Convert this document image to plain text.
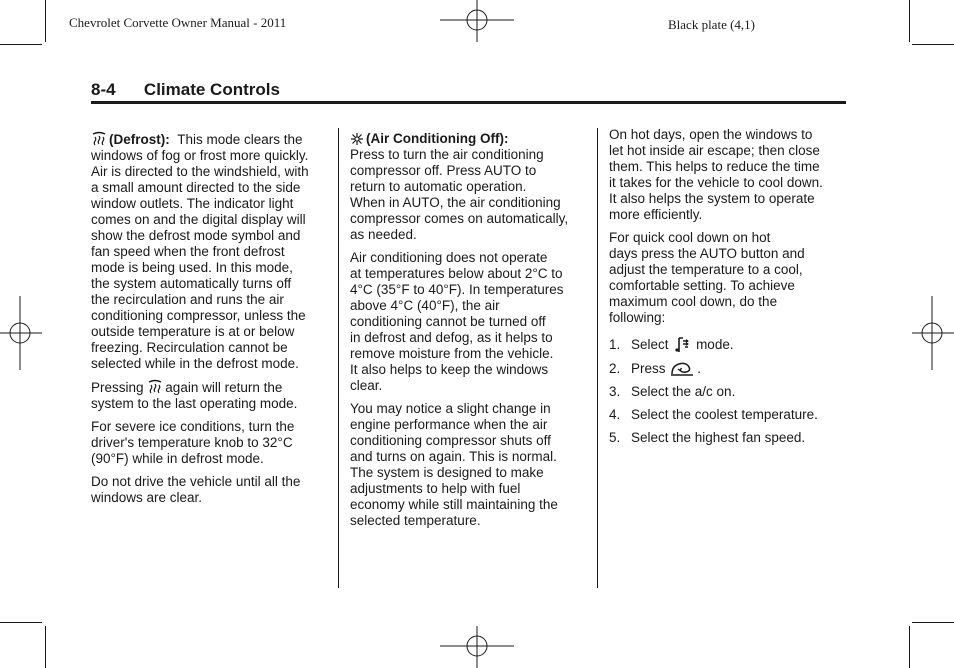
Chevrolet Corvette Owner Manual - 2011	Black plate (4,1)
8-4 Climate Controls

(Defrost): This mode clears the
windows of fog or frost more quickly.
Air is directed to the windshield, with
a small amount directed to the side
window outlets. The indicator light
comes on and the digital display will
show the defrost mode symbol and
fan speed when the front defrost
mode is being used. In this mode,
the system automatically turns off
the recirculation and runs the air
conditioning compressor, unless the
outside temperature is at or below
freezing. Recirculation cannot be
selected while in the defrost mode.

Pressing again will return the
system to the last operating mode.

For severe ice conditions, turn the
driver's temperature knob to 32°C
(90°F) while in defrost mode.

Do not drive the vehicle until all the
windows are clear.

(Air Conditioning Off):
Press to turn the air conditioning
compressor off. Press AUTO to
return to automatic operation.
When in AUTO, the air conditioning
compressor comes on automatically,
as needed.

Air conditioning does not operate
at temperatures below about 2°C to
4°C (35°F to 40°F). In temperatures
above 4°C (40°F), the air
conditioning cannot be turned off
in defrost and defog, as it helps to
remove moisture from the vehicle.
It also helps to keep the windows
clear.

You may notice a slight change in
engine performance when the air
conditioning compressor shuts off
and turns on again. This is normal.
The system is designed to make
adjustments to help with fuel
economy while still maintaining the
selected temperature.

On hot days, open the windows to
let hot inside air escape; then close
them. This helps to reduce the time
it takes for the vehicle to cool down.
It also helps the system to operate
more efficiently.

For quick cool down on hot
days press the AUTO button and
adjust the temperature to a cool,
comfortable setting. To achieve
maximum cool down, do the
following:

1. Select

mode.
2. Press
.
3. Select the a/c on.
4. Select the coolest temperature.
5. Select the highest fan speed.
